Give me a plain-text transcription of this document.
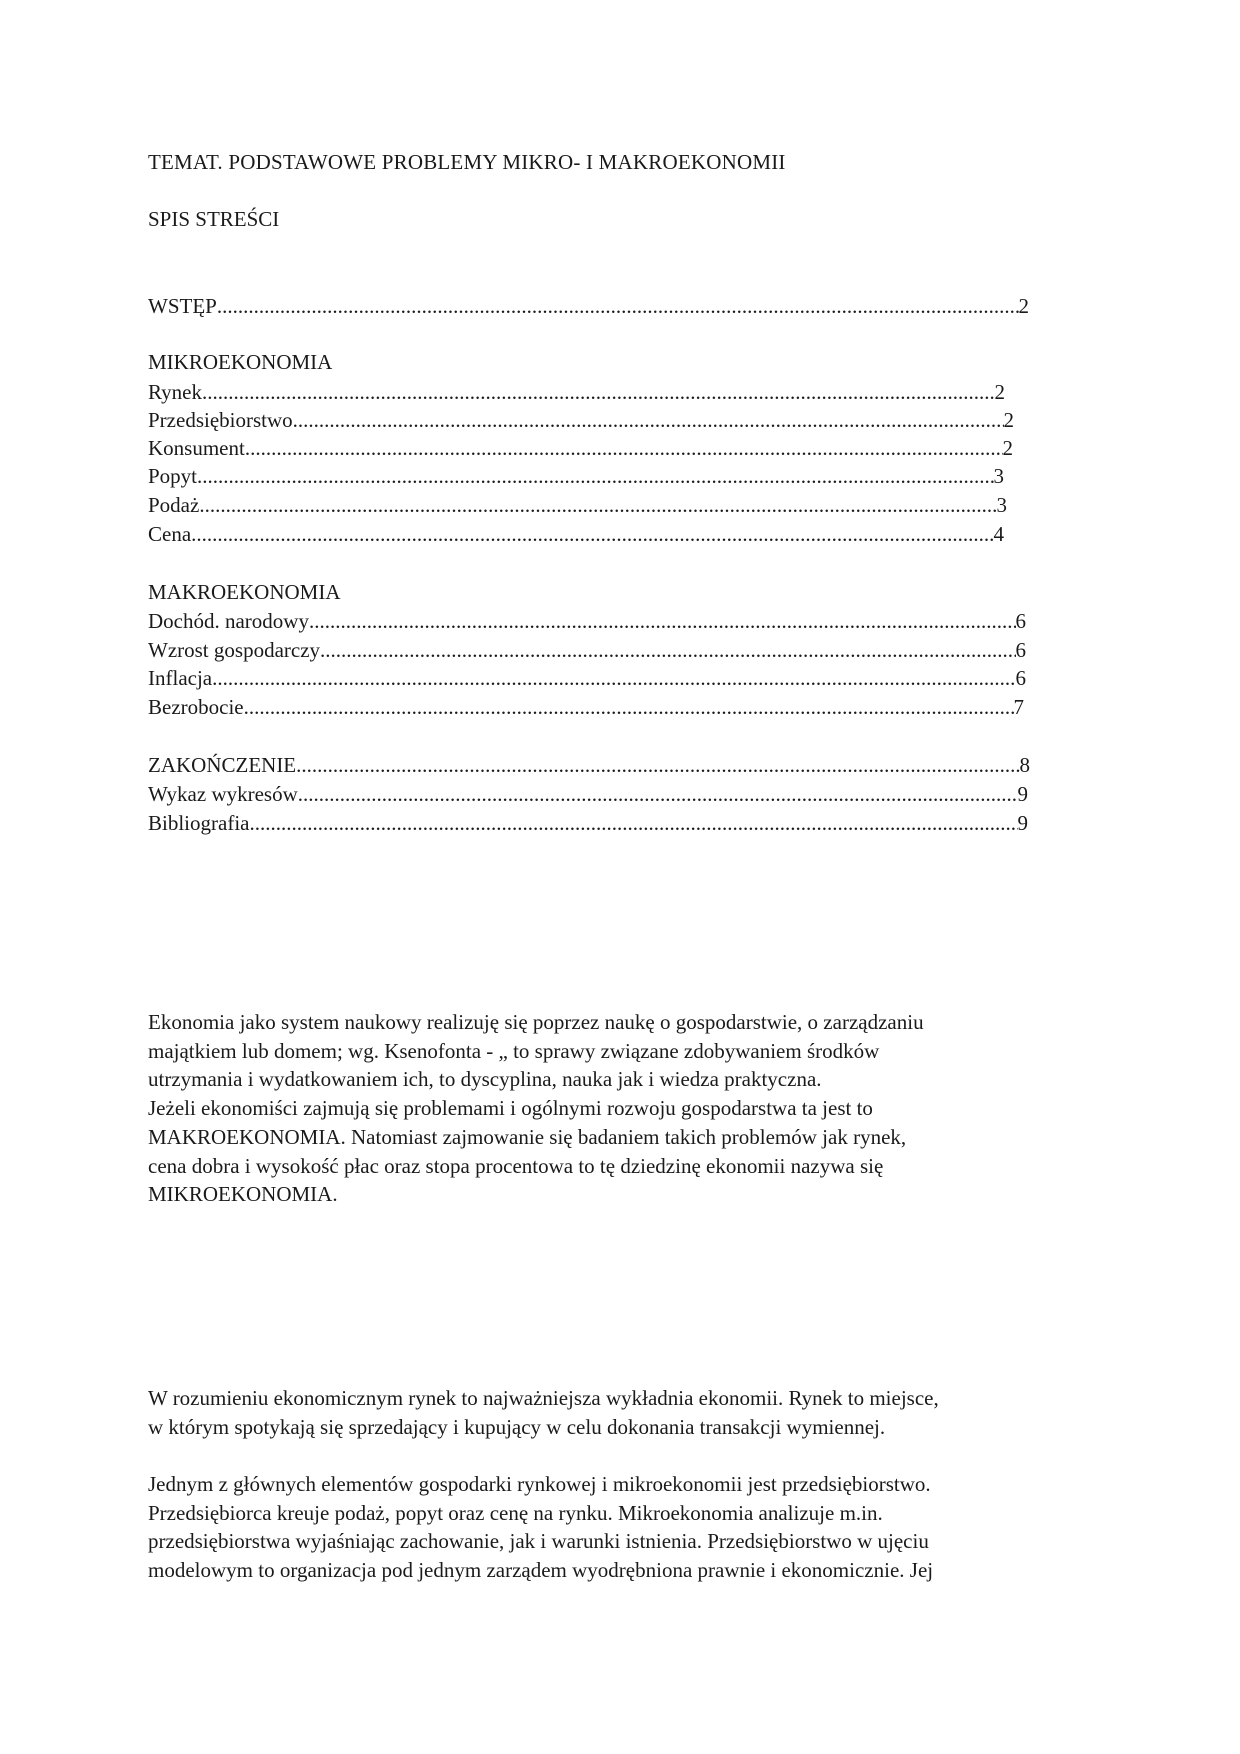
TEMAT. PODSTAWOWE PROBLEMY MIKRO- I MAKROEKONOMII
SPIS STREŚCI
WSTĘP .....	2
MIKROEKONOMIA
Rynek .....	2
Przedsiębiorstwo .....	2
Konsument .....	2
Popyt .....	3
Podaż .....	3
Cena .....	4
MAKROEKONOMIA
Dochód. narodowy .....	6
Wzrost gospodarczy .....	6
Inflacja .....	6
Bezrobocie .....	7
ZAKOŃCZENIE .....	8
Wykaz wykresów .....	9
Bibliografia .....	9

Ekonomia jako system naukowy realizuję się poprzez naukę o gospodarstwie, o zarządzaniu

majątkiem lub domem; wg. Ksenofonta - „ to sprawy związane zdobywaniem środków

utrzymania i wydatkowaniem ich, to dyscyplina, nauka jak i wiedza praktyczna.

Jeżeli ekonomiści zajmują się problemami i ogólnymi rozwoju gospodarstwa ta jest to

MAKROEKONOMIA. Natomiast zajmowanie się badaniem takich problemów jak rynek,

cena dobra i wysokość płac oraz stopa procentowa to tę dziedzinę ekonomii nazywa się

MIKROEKONOMIA.

W rozumieniu ekonomicznym rynek to najważniejsza wykładnia ekonomii. Rynek to miejsce,

w którym spotykają się sprzedający i kupujący w celu dokonania transakcji wymiennej.

Jednym z głównych elementów gospodarki rynkowej i mikroekonomii jest przedsiębiorstwo.

Przedsiębiorca kreuje podaż, popyt oraz cenę na rynku. Mikroekonomia analizuje m.in.

przedsiębiorstwa wyjaśniając zachowanie, jak i warunki istnienia. Przedsiębiorstwo w ujęciu

modelowym to organizacja pod jednym zarządem wyodrębniona prawnie i ekonomicznie. Jej
